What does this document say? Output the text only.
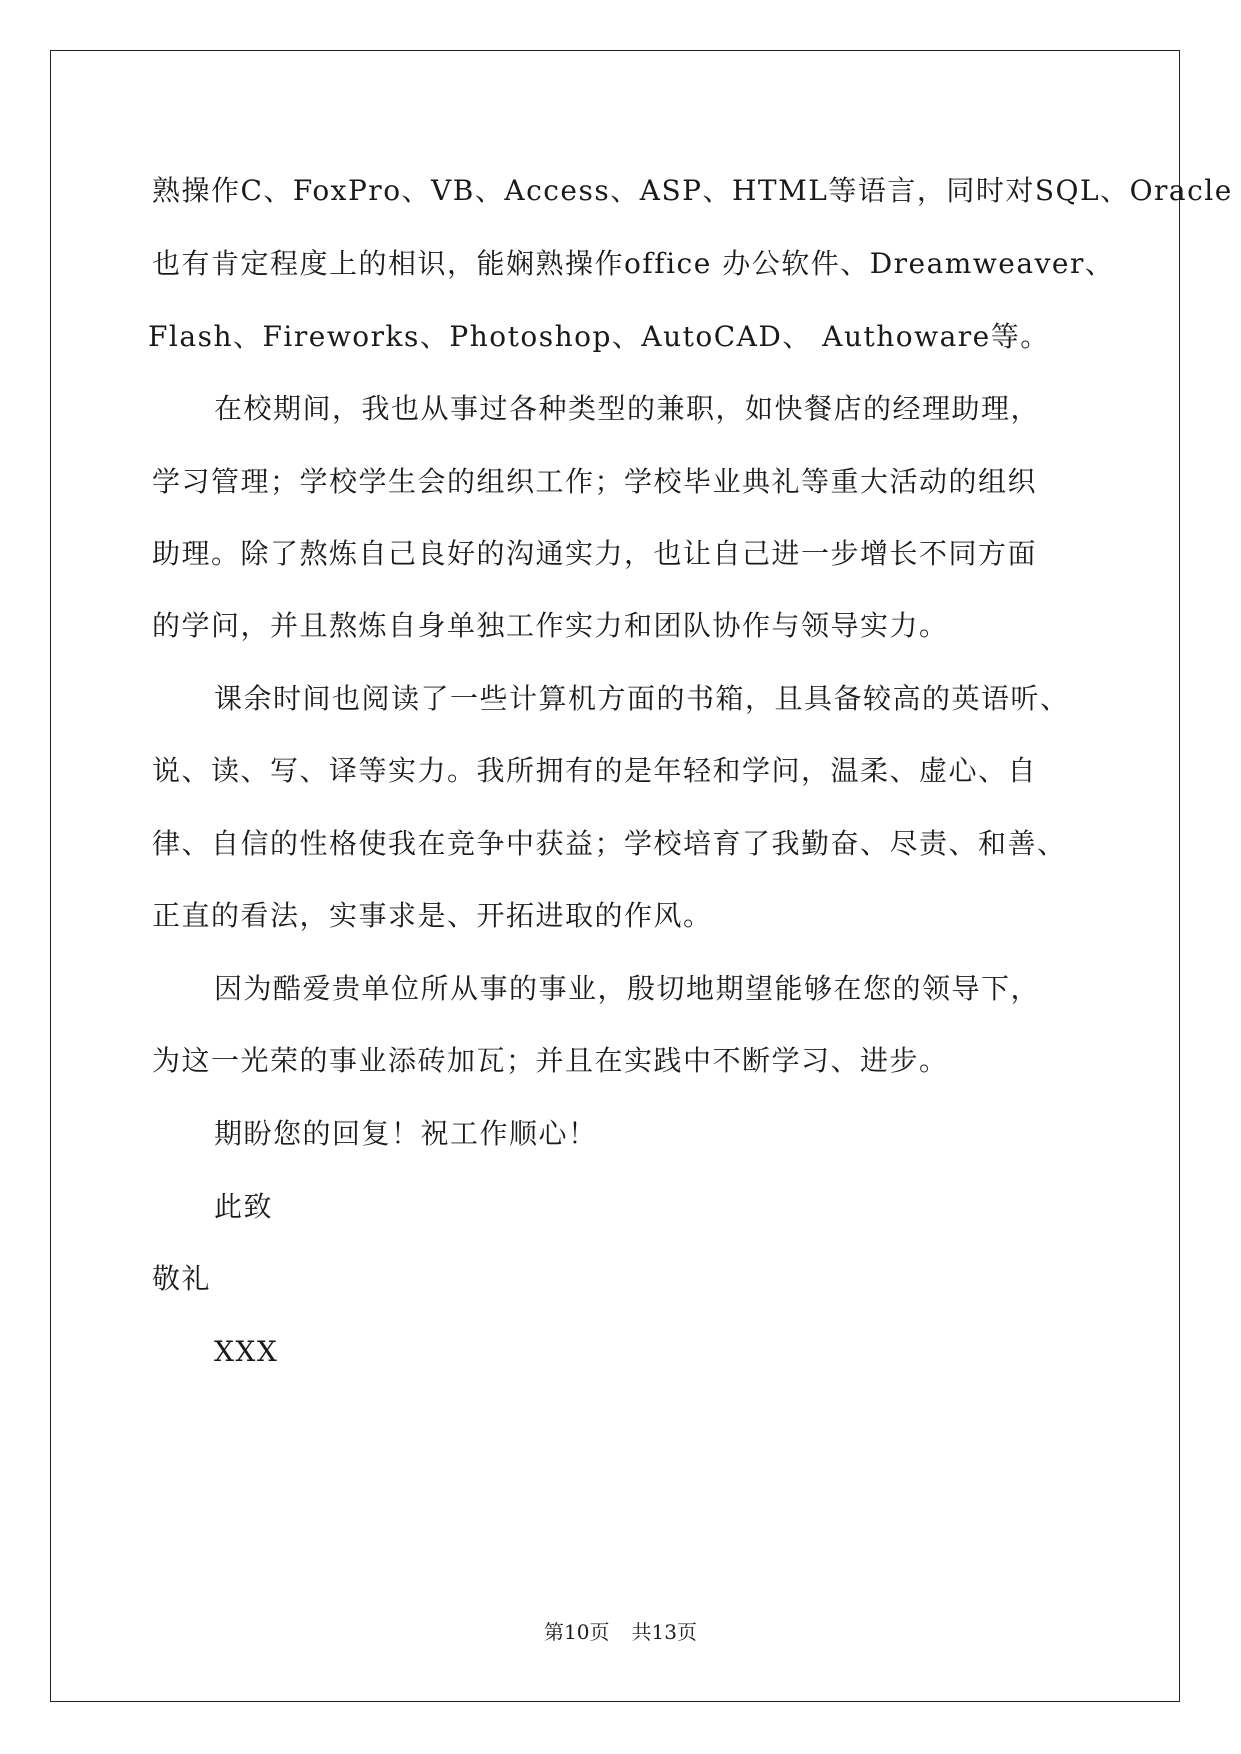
熟操作C、FoxPro、VB、Access、ASP、HTML等语言，同时对SQL、Oracle
也有肯定程度上的相识，能娴熟操作office 办公软件、Dreamweaver、
Flash、Fireworks、Photoshop、AutoCAD、 Authoware等。
在校期间，我也从事过各种类型的兼职，如快餐店的经理助理，
学习管理；学校学生会的组织工作；学校毕业典礼等重大活动的组织
助理。除了熬炼自己良好的沟通实力，也让自己进一步增长不同方面
的学问，并且熬炼自身单独工作实力和团队协作与领导实力。
课余时间也阅读了一些计算机方面的书箱，且具备较高的英语听、
说、读、写、译等实力。我所拥有的是年轻和学问，温柔、虚心、自
律、自信的性格使我在竞争中获益；学校培育了我勤奋、尽责、和善、
正直的看法，实事求是、开拓进取的作风。
因为酷爱贵单位所从事的事业，殷切地期望能够在您的领导下，
为这一光荣的事业添砖加瓦；并且在实践中不断学习、进步。
期盼您的回复！祝工作顺心！
此致
敬礼
XXX
第10页 共13页
